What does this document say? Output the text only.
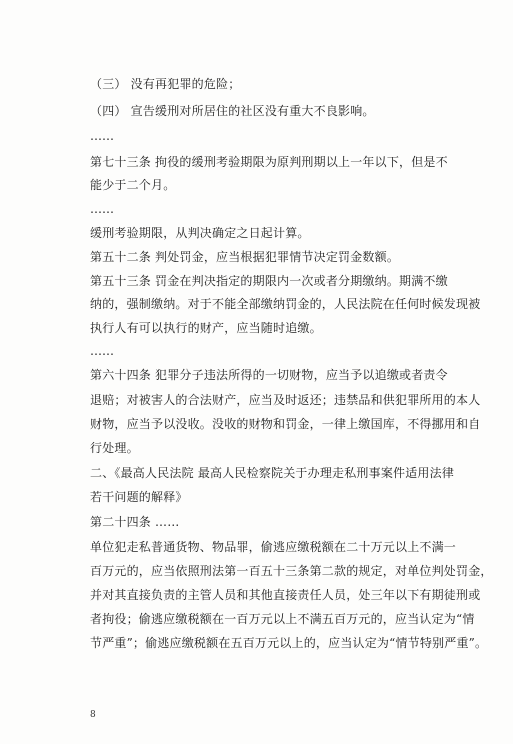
（三） 没有再犯罪的危险；
（四） 宣告缓刑对所居住的社区没有重大不良影响。
……
第七十三条 拘役的缓刑考验期限为原判刑期以上一年以下，但是不
能少于二个月。
……
缓刑考验期限，从判决确定之日起计算。
第五十二条 判处罚金，应当根据犯罪情节决定罚金数额。
第五十三条 罚金在判决指定的期限内一次或者分期缴纳。期满不缴
纳的，强制缴纳。对于不能全部缴纳罚金的，人民法院在任何时候发现被
执行人有可以执行的财产，应当随时追缴。
……
第六十四条 犯罪分子违法所得的一切财物，应当予以追缴或者责令
退赔；对被害人的合法财产，应当及时返还；违禁品和供犯罪所用的本人
财物，应当予以没收。没收的财物和罚金，一律上缴国库，不得挪用和自
行处理。
二、《最高人民法院 最高人民检察院关于办理走私刑事案件适用法律
若干问题的解释》
第二十四条 ……
单位犯走私普通货物、物品罪，偷逃应缴税额在二十万元以上不满一
百万元的，应当依照刑法第一百五十三条第二款的规定，对单位判处罚金，
并对其直接负责的主管人员和其他直接责任人员，处三年以下有期徒刑或
者拘役；偷逃应缴税额在一百万元以上不满五百万元的，应当认定为“情
节严重”；偷逃应缴税额在五百万元以上的，应当认定为“情节特别严重”。
8
